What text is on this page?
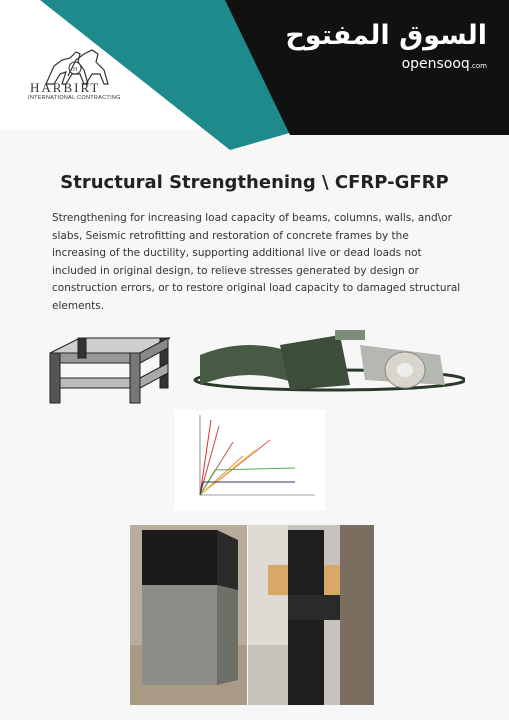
H
HARBIRT
INTERNATIONAL CONTRACTING
السوق المفتوح
opensooq.com
Structural Strengthening \ CFRP-GFRP
Strengthening for increasing load capacity of beams, columns, walls, and\or slabs, Seismic retrofitting and restoration of concrete frames by the increasing of the ductility, supporting additional live or dead loads not included in original design, to relieve stresses generated by design or construction errors, or to restore original load capacity to damaged structural elements.
